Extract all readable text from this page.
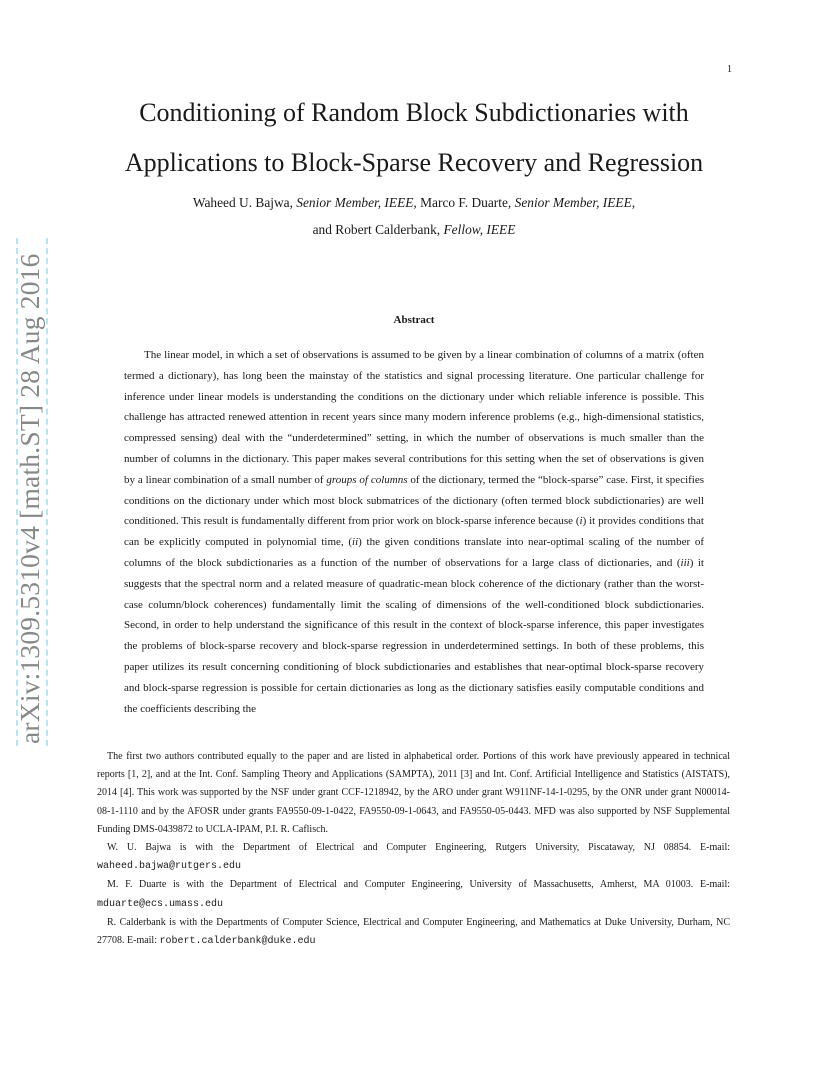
1
arXiv:1309.5310v4 [math.ST] 28 Aug 2016
Conditioning of Random Block Subdictionaries with
Applications to Block-Sparse Recovery and Regression
Waheed U. Bajwa, Senior Member, IEEE, Marco F. Duarte, Senior Member, IEEE,
and Robert Calderbank, Fellow, IEEE
Abstract

The linear model, in which a set of observations is assumed to be given by a linear combination of columns of a matrix (often termed a dictionary), has long been the mainstay of the statistics and signal processing literature. One particular challenge for inference under linear models is understanding the conditions on the dictionary under which reliable inference is possible. This challenge has attracted renewed attention in recent years since many modern inference problems (e.g., high-dimensional statistics, compressed sensing) deal with the “underdetermined” setting, in which the number of observations is much smaller than the number of columns in the dictionary. This paper makes several contributions for this setting when the set of observations is given by a linear combination of a small number of groups of columns of the dictionary, termed the “block-sparse” case. First, it specifies conditions on the dictionary under which most block submatrices of the dictionary (often termed block subdictionaries) are well conditioned. This result is fundamentally different from prior work on block-sparse inference because (i) it provides conditions that can be explicitly computed in polynomial time, (ii) the given conditions translate into near-optimal scaling of the number of columns of the block subdictionaries as a function of the number of observations for a large class of dictionaries, and (iii) it suggests that the spectral norm and a related measure of quadratic-mean block coherence of the dictionary (rather than the worst-case column/block coherences) fundamentally limit the scaling of dimensions of the well-conditioned block subdictionaries. Second, in order to help understand the significance of this result in the context of block-sparse inference, this paper investigates the problems of block-sparse recovery and block-sparse regression in underdetermined settings. In both of these problems, this paper utilizes its result concerning conditioning of block subdictionaries and establishes that near-optimal block-sparse recovery and block-sparse regression is possible for certain dictionaries as long as the dictionary satisfies easily computable conditions and the coefficients describing the

The first two authors contributed equally to the paper and are listed in alphabetical order. Portions of this work have previously appeared in technical reports [1, 2], and at the Int. Conf. Sampling Theory and Applications (SAMPTA), 2011 [3] and Int. Conf. Artificial Intelligence and Statistics (AISTATS), 2014 [4]. This work was supported by the NSF under grant CCF-1218942, by the ARO under grant W911NF-14-1-0295, by the ONR under grant N00014-08-1-1110 and by the AFOSR under grants FA9550-09-1-0422, FA9550-09-1-0643, and FA9550-05-0443. MFD was also supported by NSF Supplemental Funding DMS-0439872 to UCLA-IPAM, P.I. R. Caflisch.

W. U. Bajwa is with the Department of Electrical and Computer Engineering, Rutgers University, Piscataway, NJ 08854. E-mail: waheed.bajwa@rutgers.edu

M. F. Duarte is with the Department of Electrical and Computer Engineering, University of Massachusetts, Amherst, MA 01003. E-mail: mduarte@ecs.umass.edu

R. Calderbank is with the Departments of Computer Science, Electrical and Computer Engineering, and Mathematics at Duke University, Durham, NC 27708. E-mail: robert.calderbank@duke.edu
